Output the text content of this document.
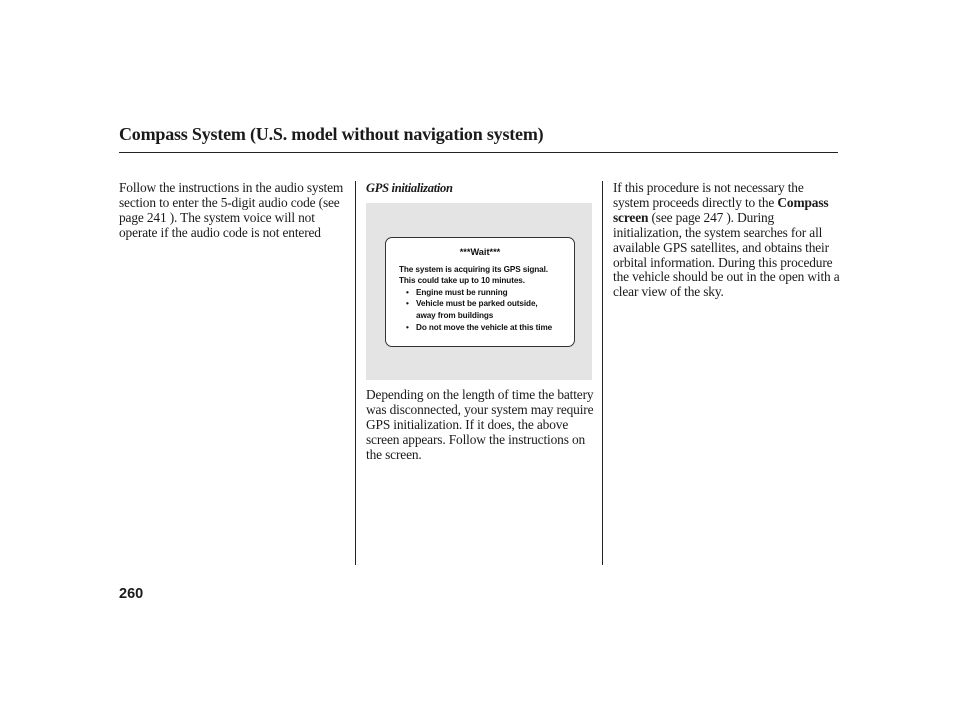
Compass System (U.S. model without navigation system)
Follow the instructions in the audio system section to enter the 5-digit audio code (see page 241 ). The system voice will not operate if the audio code is not entered
GPS initialization
***Wait***
The system is acquiring its GPS signal.
This could take up to 10 minutes.
• Engine must be running
• Vehicle must be parked outside,
away from buildings
• Do not move the vehicle at this time
Depending on the length of time the battery was disconnected, your system may require GPS initialization. If it does, the above screen appears. Follow the instructions on the screen.
If this procedure is not necessary the system proceeds directly to the Compass screen (see page 247 ). During initialization, the system searches for all available GPS satellites, and obtains their orbital information. During this procedure the vehicle should be out in the open with a clear view of the sky.
260
